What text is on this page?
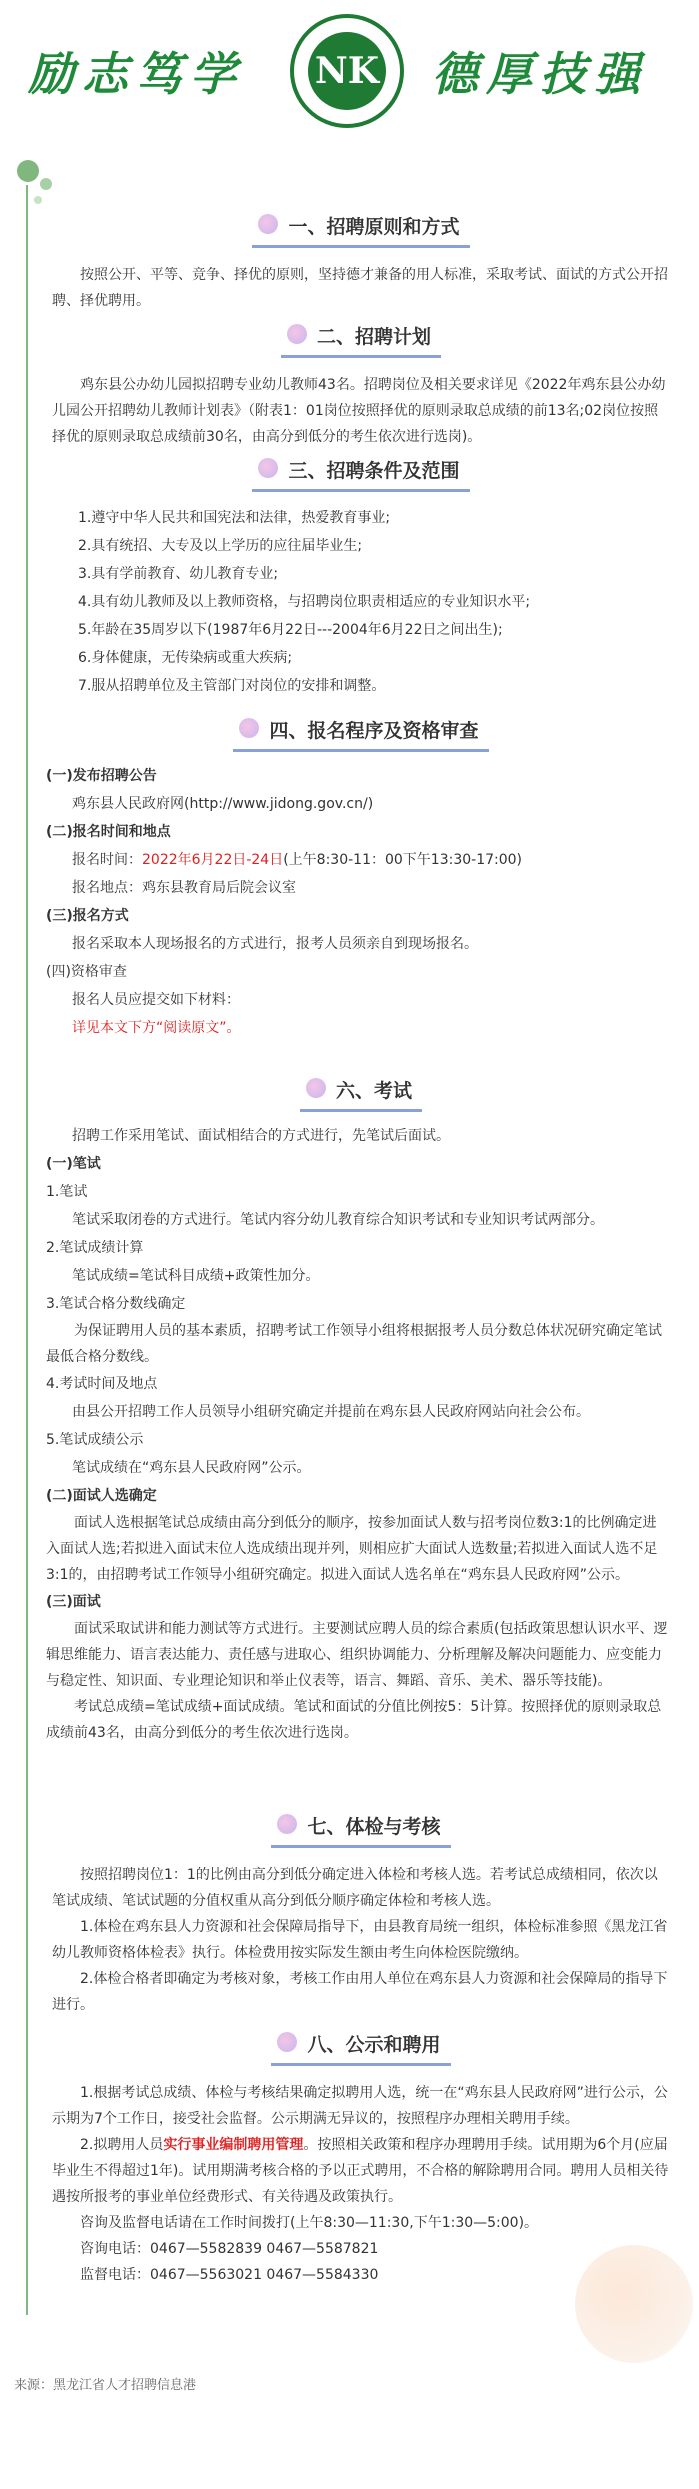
励志笃学 NK 德厚技强
一、招聘原则和方式

按照公开、平等、竞争、择优的原则，坚持德才兼备的用人标准，采取考试、面试的方式公开招聘、择优聘用。

二、招聘计划

鸡东县公办幼儿园拟招聘专业幼儿教师43名。招聘岗位及相关要求详见《2022年鸡东县公办幼儿园公开招聘幼儿教师计划表》（附表1：01岗位按照择优的原则录取总成绩的前13名;02岗位按照择优的原则录取总成绩前30名，由高分到低分的考生依次进行选岗)。

三、招聘条件及范围

1.遵守中华人民共和国宪法和法律，热爱教育事业;

2.具有统招、大专及以上学历的应往届毕业生;

3.具有学前教育、幼儿教育专业;

4.具有幼儿教师及以上教师资格，与招聘岗位职责相适应的专业知识水平;

5.年龄在35周岁以下(1987年6月22日---2004年6月22日之间出生);

6.身体健康，无传染病或重大疾病;

7.服从招聘单位及主管部门对岗位的安排和调整。

四、报名程序及资格审查

(一)发布招聘公告

鸡东县人民政府网(http://www.jidong.gov.cn/)

(二)报名时间和地点

报名时间：2022年6月22日-24日(上午8:30-11：00下午13:30-17:00)

报名地点：鸡东县教育局后院会议室

(三)报名方式

报名采取本人现场报名的方式进行，报考人员须亲自到现场报名。

(四)资格审查

报名人员应提交如下材料：

详见本文下方“阅读原文”。

六、考试

招聘工作采用笔试、面试相结合的方式进行，先笔试后面试。

(一)笔试

1.笔试

笔试采取闭卷的方式进行。笔试内容分幼儿教育综合知识考试和专业知识考试两部分。

2.笔试成绩计算

笔试成绩=笔试科目成绩+政策性加分。

3.笔试合格分数线确定

为保证聘用人员的基本素质，招聘考试工作领导小组将根据报考人员分数总体状况研究确定笔试最低合格分数线。

4.考试时间及地点

由县公开招聘工作人员领导小组研究确定并提前在鸡东县人民政府网站向社会公布。

5.笔试成绩公示

笔试成绩在“鸡东县人民政府网”公示。

(二)面试人选确定

面试人选根据笔试总成绩由高分到低分的顺序，按参加面试人数与招考岗位数3:1的比例确定进入面试人选;若拟进入面试末位人选成绩出现并列，则相应扩大面试人选数量;若拟进入面试人选不足3:1的，由招聘考试工作领导小组研究确定。拟进入面试人选名单在“鸡东县人民政府网”公示。

(三)面试

面试采取试讲和能力测试等方式进行。主要测试应聘人员的综合素质(包括政策思想认识水平、逻辑思维能力、语言表达能力、责任感与进取心、组织协调能力、分析理解及解决问题能力、应变能力与稳定性、知识面、专业理论知识和举止仪表等，语言、舞蹈、音乐、美术、器乐等技能)。

考试总成绩=笔试成绩+面试成绩。笔试和面试的分值比例按5：5计算。按照择优的原则录取总成绩前43名，由高分到低分的考生依次进行选岗。

七、体检与考核

按照招聘岗位1：1的比例由高分到低分确定进入体检和考核人选。若考试总成绩相同，依次以笔试成绩、笔试试题的分值权重从高分到低分顺序确定体检和考核人选。

1.体检在鸡东县人力资源和社会保障局指导下，由县教育局统一组织，体检标准参照《黑龙江省幼儿教师资格体检表》执行。体检费用按实际发生额由考生向体检医院缴纳。

2.体检合格者即确定为考核对象，考核工作由用人单位在鸡东县人力资源和社会保障局的指导下进行。

八、公示和聘用

1.根据考试总成绩、体检与考核结果确定拟聘用人选，统一在“鸡东县人民政府网”进行公示，公示期为7个工作日，接受社会监督。公示期满无异议的，按照程序办理相关聘用手续。

2.拟聘用人员实行事业编制聘用管理。按照相关政策和程序办理聘用手续。试用期为6个月(应届毕业生不得超过1年)。试用期满考核合格的予以正式聘用，不合格的解除聘用合同。聘用人员相关待遇按所报考的事业单位经费形式、有关待遇及政策执行。

咨询及监督电话请在工作时间拨打(上午8:30—11:30,下午1:30—5:00)。

咨询电话：0467—5582839 0467—5587821

监督电话：0467—5563021 0467—5584330

来源：黑龙江省人才招聘信息港
